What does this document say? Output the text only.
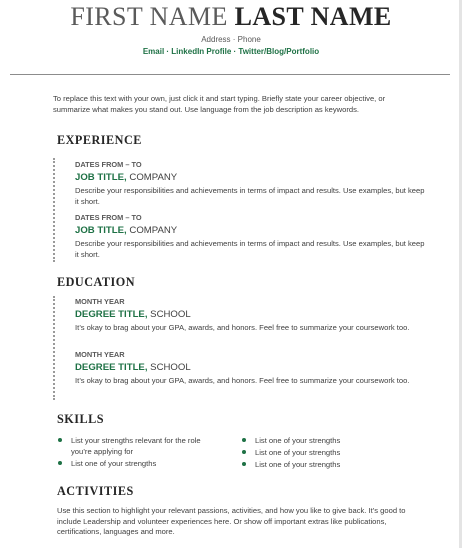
FIRST NAME LAST NAME
Address · Phone
Email · LinkedIn Profile · Twitter/Blog/Portfolio
To replace this text with your own, just click it and start typing. Briefly state your career objective, or summarize what makes you stand out. Use language from the job description as keywords.
EXPERIENCE
DATES FROM – TO
JOB TITLE, COMPANY
Describe your responsibilities and achievements in terms of impact and results. Use examples, but keep it short.
DATES FROM – TO
JOB TITLE, COMPANY
Describe your responsibilities and achievements in terms of impact and results. Use examples, but keep it short.
EDUCATION
MONTH YEAR
DEGREE TITLE, SCHOOL
It’s okay to brag about your GPA, awards, and honors. Feel free to summarize your coursework too.
MONTH YEAR
DEGREE TITLE, SCHOOL
It’s okay to brag about your GPA, awards, and honors. Feel free to summarize your coursework too.
SKILLS
List your strengths relevant for the role you’re applying for
List one of your strengths
List one of your strengths
List one of your strengths
List one of your strengths
ACTIVITIES
Use this section to highlight your relevant passions, activities, and how you like to give back. It’s good to include Leadership and volunteer experiences here. Or show off important extras like publications, certifications, languages and more.
